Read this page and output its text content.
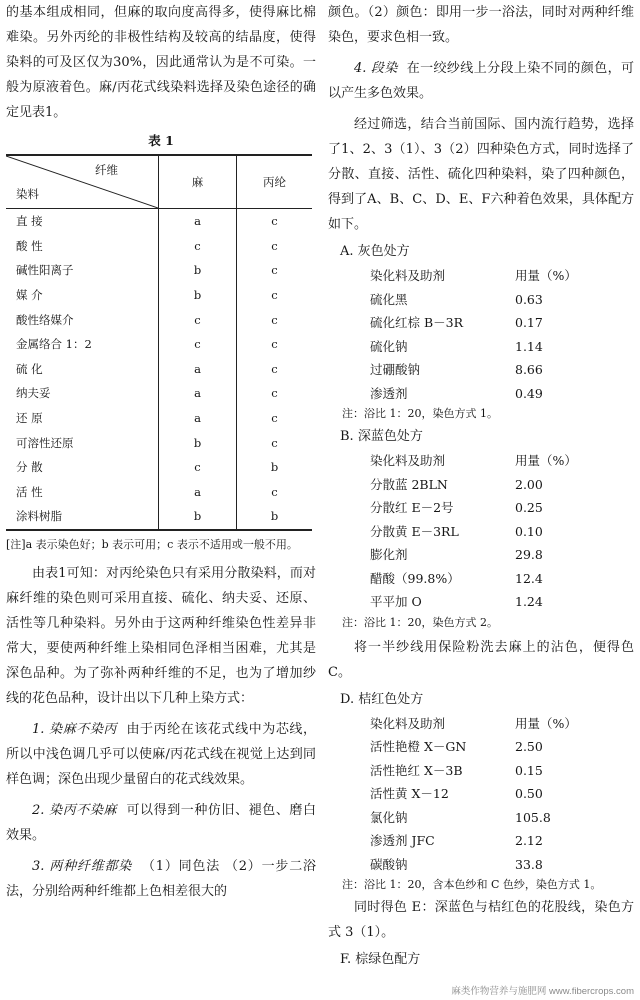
的基本组成相同，但麻的取向度高得多，使得麻比棉难染。另外丙纶的非极性结构及较高的结晶度，使得染料的可及区仅为30%，因此通常认为是不可染。一般为原液着色。麻/丙花式线染料选择及染色途径的确定见表1。

表 1
纤维
染料	麻	丙纶
直 接	a	c
酸 性	c	c
碱性阳离子	b	c
媒 介	b	c
酸性络媒介	c	c
金属络合 1：2	c	c
硫 化	a	c
纳夫妥	a	c
还 原	a	c
可溶性还原	b	c
分 散	c	b
活 性	a	c
涂料树脂	b	b

[注]a 表示染色好；b 表示可用；c 表示不适用或一般不用。

由表1可知：对丙纶染色只有采用分散染料，而对麻纤维的染色则可采用直接、硫化、纳夫妥、还原、活性等几种染料。另外由于这两种纤维染色性差异非常大，要使两种纤维上染相同色泽相当困难，尤其是深色品种。为了弥补两种纤维的不足，也为了增加纱线的花色品种，设计出以下几种上染方式：

1. 染麻不染丙 由于丙纶在该花式线中为芯线，所以中浅色调几乎可以使麻/丙花式线在视觉上达到同样色调；深色出现少量留白的花式线效果。

2. 染丙不染麻 可以得到一种仿旧、褪色、磨白效果。

3. 两种纤维都染 （1）同色法 （2）一步二浴法，分别给两种纤维都上色相差很大的

颜色。（2）颜色：即用一步一浴法，同时对两种纤维染色，要求色相一致。

4. 段染 在一绞纱线上分段上染不同的颜色，可以产生多色效果。

经过筛选，结合当前国际、国内流行趋势，选择了1、2、3（1）、3（2）四种染色方式，同时选择了分散、直接、活性、硫化四种染料，染了四种颜色，得到了A、B、C、D、E、F六种着色效果，具体配方如下。

A. 灰色处方
染化料及助剂	用量（%）
硫化黑	0.63
硫化红棕 B－3R	0.17
硫化钠	1.14
过硼酸钠	8.66
渗透剂	0.49

注：浴比 1：20，染色方式 1。

B. 深蓝色处方
染化料及助剂	用量（%）
分散蓝 2BLN	2.00
分散红 E－2号	0.25
分散黄 E－3RL	0.10
膨化剂	29.8
醋酸（99.8%）	12.4
平平加 O	1.24

注：浴比 1：20，染色方式 2。

将一半纱线用保险粉洗去麻上的沾色，便得色 C。

D. 桔红色处方
染化料及助剂	用量（%）
活性艳橙 X－GN	2.50
活性艳红 X－3B	0.15
活性黄 X－12	0.50
氯化钠	105.8
渗透剂 JFC	2.12
碳酸钠	33.8

注：浴比 1：20，含本色纱和 C 色纱，染色方式 1。

同时得色 E：深蓝色与桔红色的花股线，染色方式 3（1）。

F. 棕绿色配方
麻类作物营养与施肥网 www.fibercrops.com
